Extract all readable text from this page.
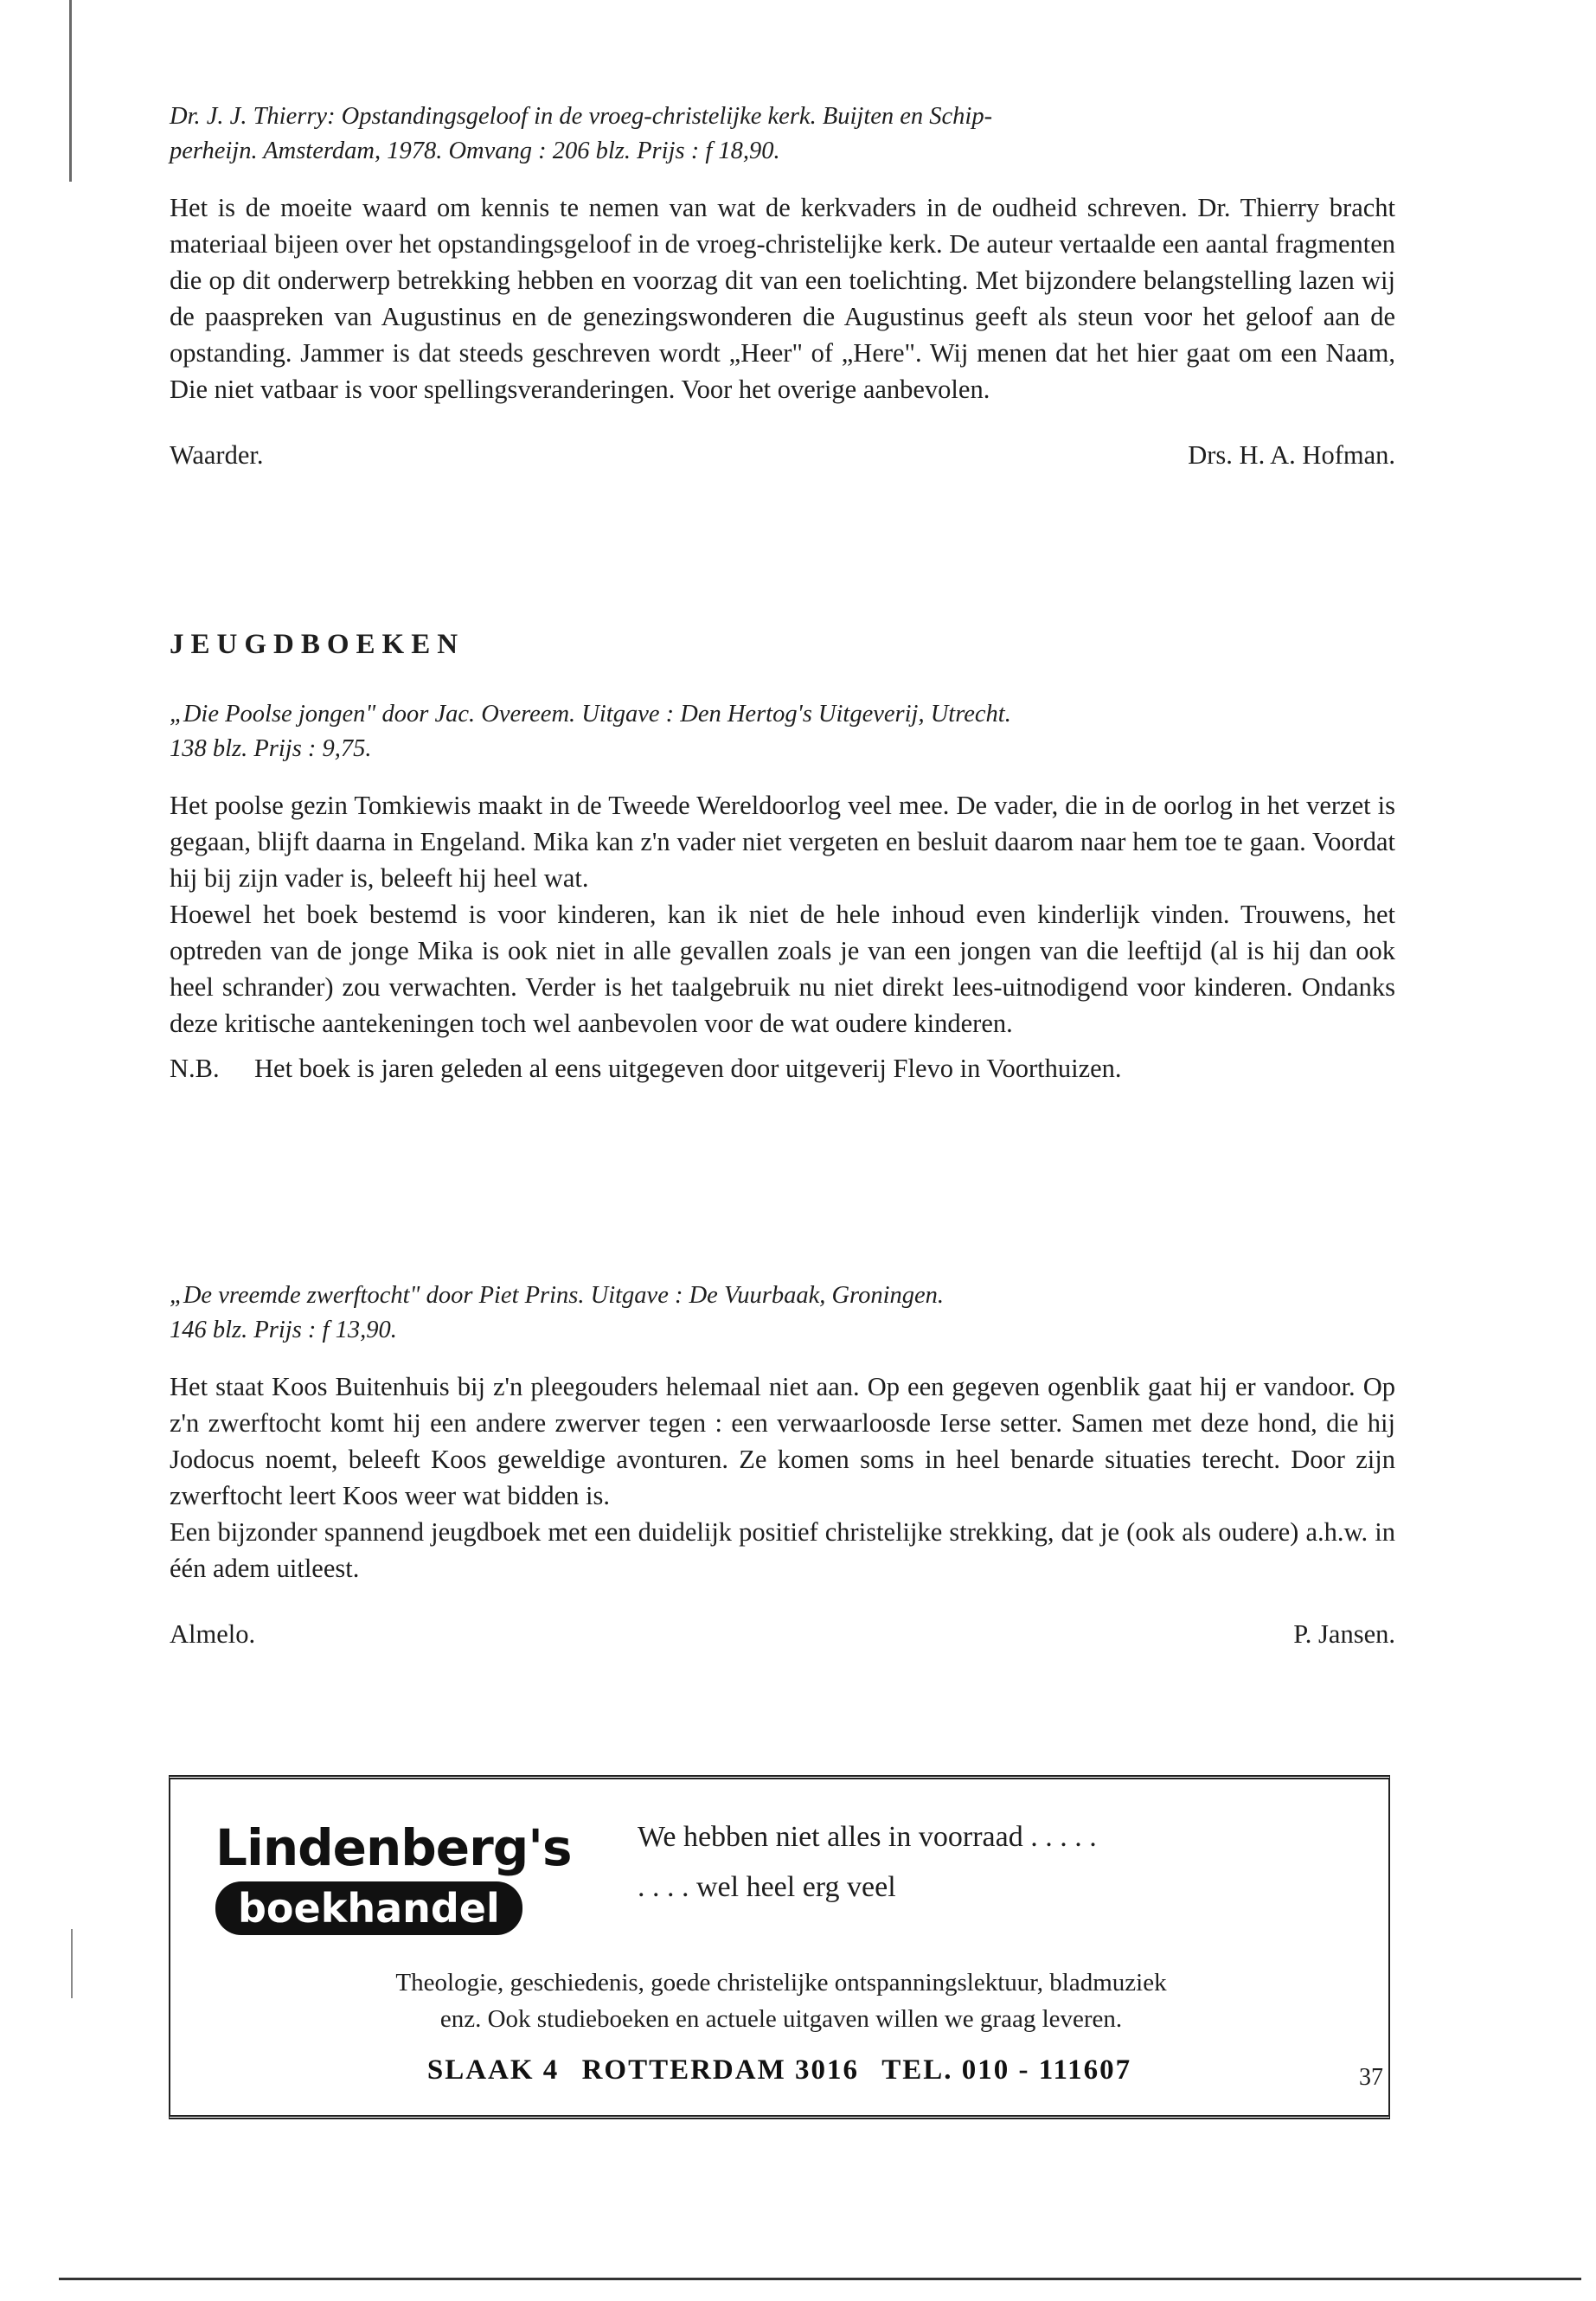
Dr. J. J. Thierry: Opstandingsgeloof in de vroeg-christelijke kerk. Buijten en Schip-
perheijn. Amsterdam, 1978. Omvang : 206 blz. Prijs : f 18,90.

Het is de moeite waard om kennis te nemen van wat de kerkvaders in de oudheid schreven. Dr. Thierry bracht materiaal bijeen over het opstandingsgeloof in de vroeg-christelijke kerk. De auteur vertaalde een aantal fragmenten die op dit onderwerp betrekking hebben en voorzag dit van een toelichting. Met bijzondere belangstelling lazen wij de paaspreken van Augustinus en de genezingswonderen die Augustinus geeft als steun voor het geloof aan de opstanding. Jammer is dat steeds geschreven wordt „Heer" of „Here". Wij menen dat het hier gaat om een Naam, Die niet vatbaar is voor spellingsveranderingen. Voor het overige aanbevolen.

Waarder.	Drs. H. A. Hofman.

„Die Poolse jongen" door Jac. Overeem. Uitgave : Den Hertog's Uitgeverij, Utrecht.
138 blz. Prijs : 9,75.

Het poolse gezin Tomkiewis maakt in de Tweede Wereldoorlog veel mee. De vader, die in de oorlog in het verzet is gegaan, blijft daarna in Engeland. Mika kan z'n vader niet vergeten en besluit daarom naar hem toe te gaan. Voordat hij bij zijn vader is, beleeft hij heel wat.

Hoewel het boek bestemd is voor kinderen, kan ik niet de hele inhoud even kinderlijk vinden. Trouwens, het optreden van de jonge Mika is ook niet in alle gevallen zoals je van een jongen van die leeftijd (al is hij dan ook heel schrander) zou verwachten. Verder is het taalgebruik nu niet direkt lees-uitnodigend voor kinderen. Ondanks deze kritische aantekeningen toch wel aanbevolen voor de wat oudere kinderen.

N.B.	Het boek is jaren geleden al eens uitgegeven door uitgeverij Flevo in Voorthuizen.

„De vreemde zwerftocht" door Piet Prins. Uitgave : De Vuurbaak, Groningen.
146 blz. Prijs : f 13,90.

Het staat Koos Buitenhuis bij z'n pleegouders helemaal niet aan. Op een gegeven ogenblik gaat hij er vandoor. Op z'n zwerftocht komt hij een andere zwerver tegen : een verwaarloosde Ierse setter. Samen met deze hond, die hij Jodocus noemt, beleeft Koos geweldige avonturen. Ze komen soms in heel benarde situaties terecht. Door zijn zwerftocht leert Koos weer wat bidden is.

Een bijzonder spannend jeugdboek met een duidelijk positief christelijke strekking, dat je (ook als oudere) a.h.w. in één adem uitleest.

Almelo.	P. Jansen.
JEUGDBOEKEN
Lindenberg's
boekhandel
We hebben niet alles in voorraad . . . . .
. . . . wel heel erg veel
Theologie, geschiedenis, goede christelijke ontspanningslektuur, bladmuziek
enz. Ook studieboeken en actuele uitgaven willen we graag leveren.
SLAAK 4 ROTTERDAM 3016 TEL. 010 - 111607	37
